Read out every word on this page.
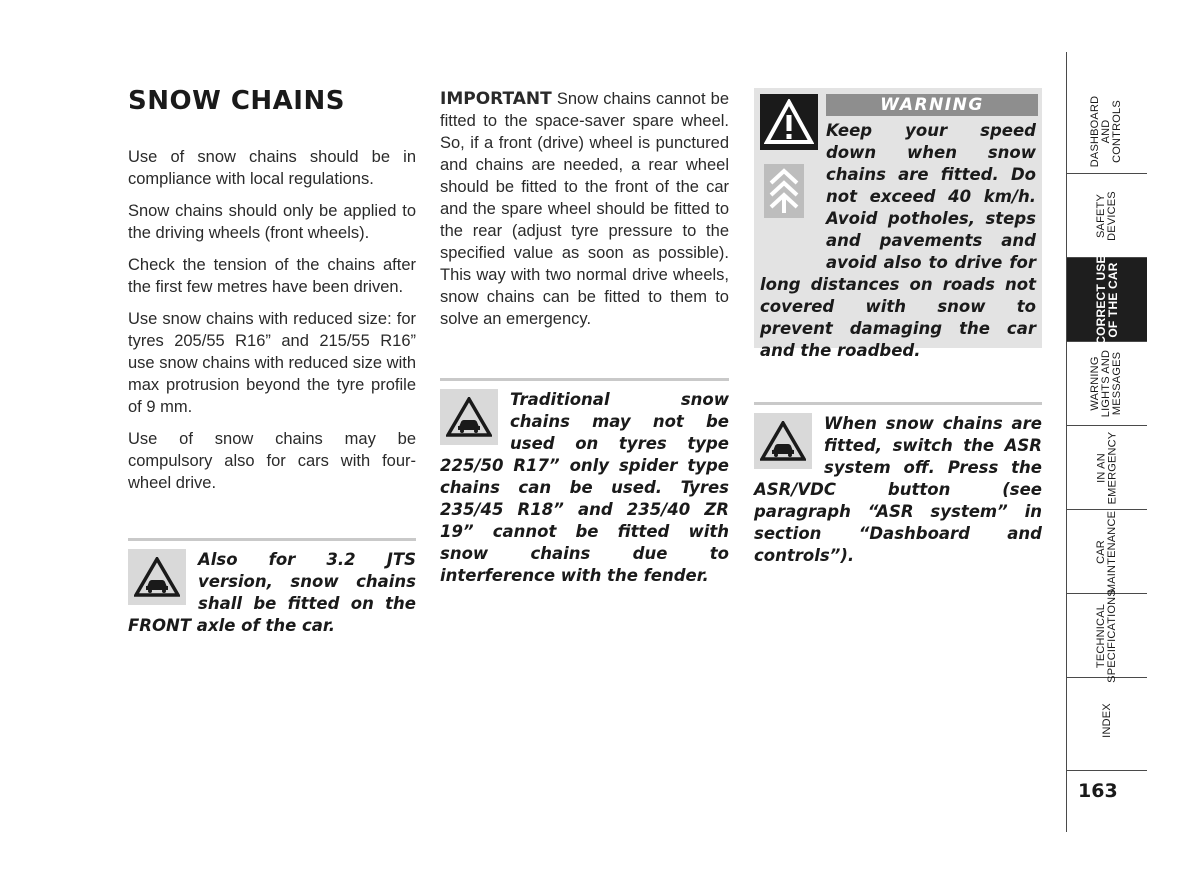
SNOW CHAINS

Use of snow chains should be in compliance with local regulations.

Snow chains should only be applied to the driving wheels (front wheels).

Check the tension of the chains after the first few metres have been driven.

Use snow chains with reduced size: for tyres 205/55 R16” and 215/55 R16” use snow chains with reduced size with max protrusion beyond the tyre profile of 9 mm.

Use of snow chains may be compulsory also for cars with four-wheel drive.

Also for 3.2 JTS version, snow chains shall be fitted on the FRONT axle of the car.

IMPORTANT Snow chains cannot be fitted to the space-saver spare wheel. So, if a front (drive) wheel is punctured and chains are needed, a rear wheel should be fitted to the front of the car and the spare wheel should be fitted to the rear (adjust tyre pressure to the specified value as soon as possible). This way with two normal drive wheels, snow chains can be fitted to them to solve an emergency.

Traditional snow chains may not be used on tyres type 225/50 R17” only spider type chains can be used. Tyres 235/45 R18” and 235/40 ZR 19” cannot be fitted with snow chains due to interference with the fender.
WARNING
Keep your speed down when snow chains are fitted. Do not exceed 40 km/h. Avoid potholes, steps and pavements and avoid also to drive for long distances on roads not covered with snow to prevent damaging the car and the roadbed.
When snow chains are fitted, switch the ASR system off. Press the ASR/VDC button (see paragraph “ASR system” in section “Dashboard and controls”).
DASHBOARD
AND
CONTROLS
SAFETY
DEVICES
CORRECT USE
OF THE CAR
WARNING
LIGHTS AND
MESSAGES
IN AN
EMERGENCY
CAR
MAINTENANCE
TECHNICAL
SPECIFICATIONS
INDEX
163
